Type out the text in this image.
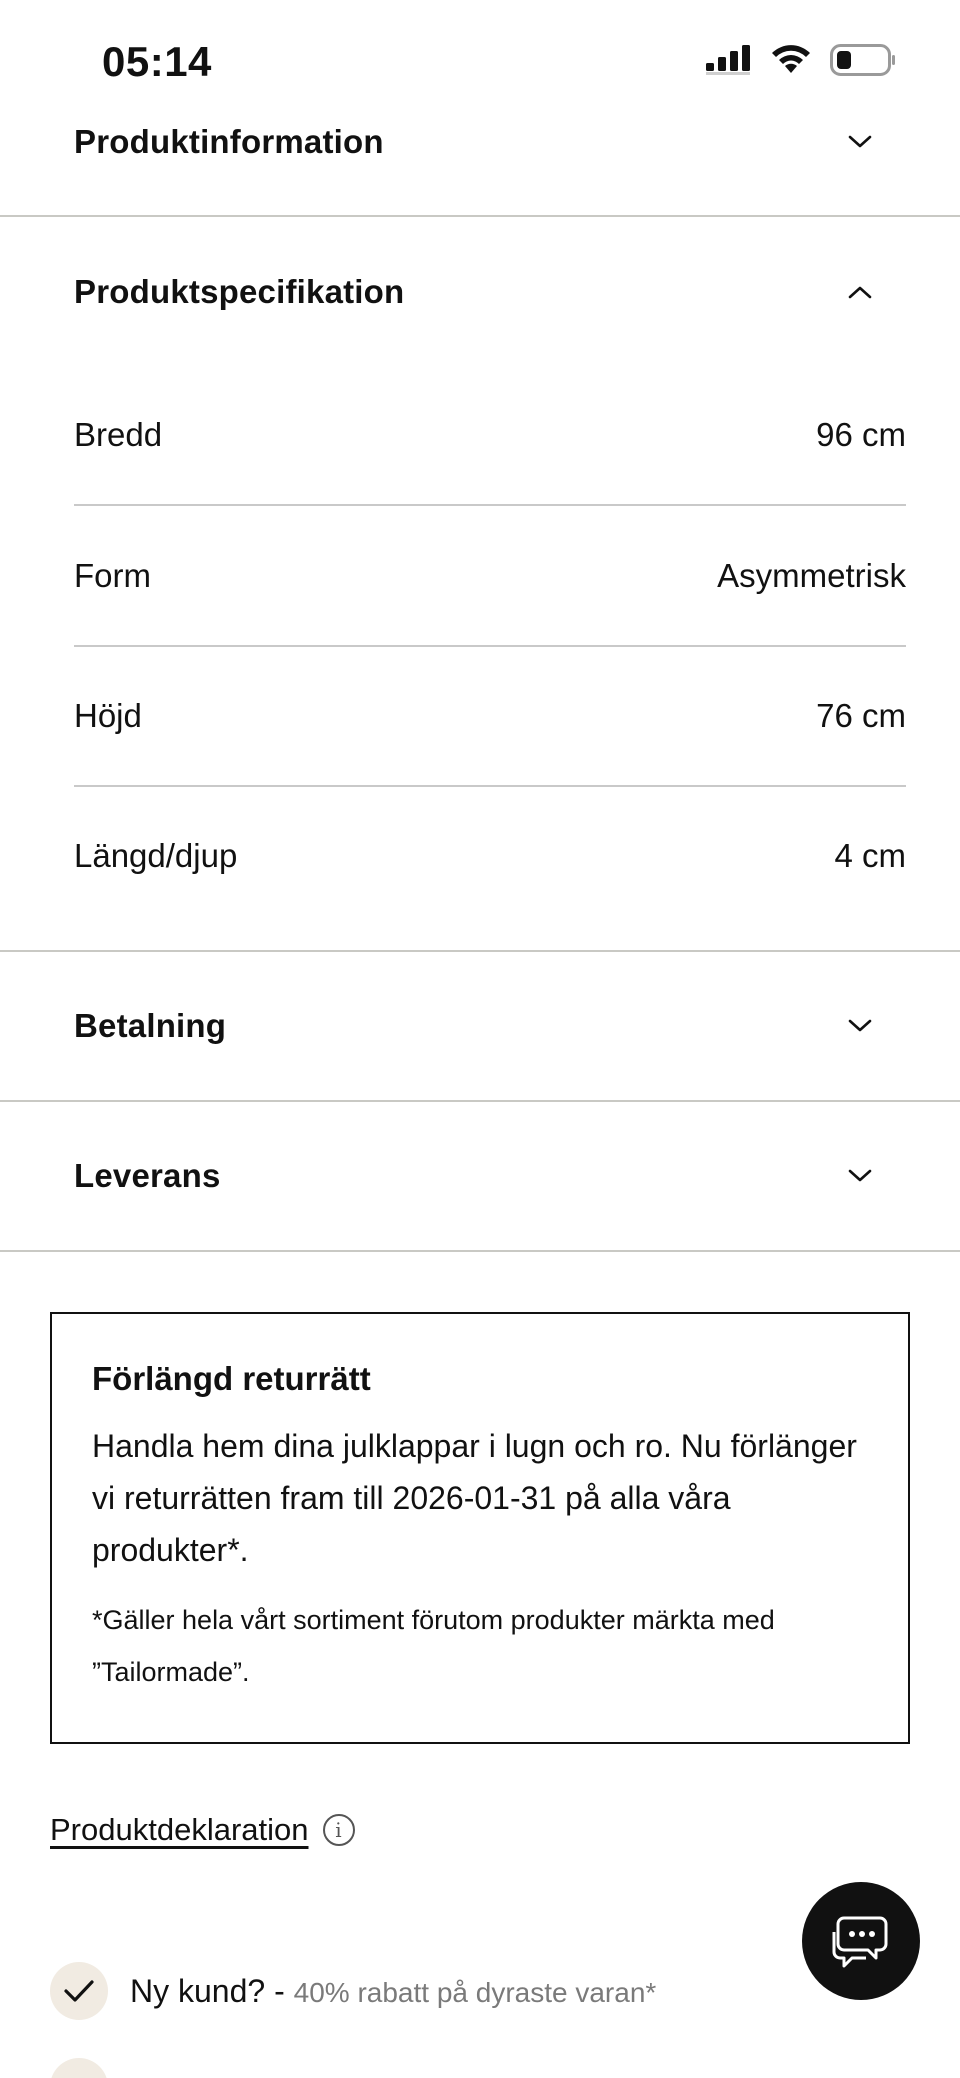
05:14
Produktinformation
Produktspecifikation
Bredd	96 cm
Form	Asymmetrisk
Höjd	76 cm
Längd/djup	4 cm
Betalning
Leverans
Förlängd returrätt
Handla hem dina julklappar i lugn och ro. Nu förlänger vi returrätten fram till 2026-01-31 på alla våra produkter*.
*Gäller hela vårt sortiment förutom produkter märkta med ”Tailormade”.
Produktdeklaration	i
Ny kund? - 40% rabatt på dyraste varan*
